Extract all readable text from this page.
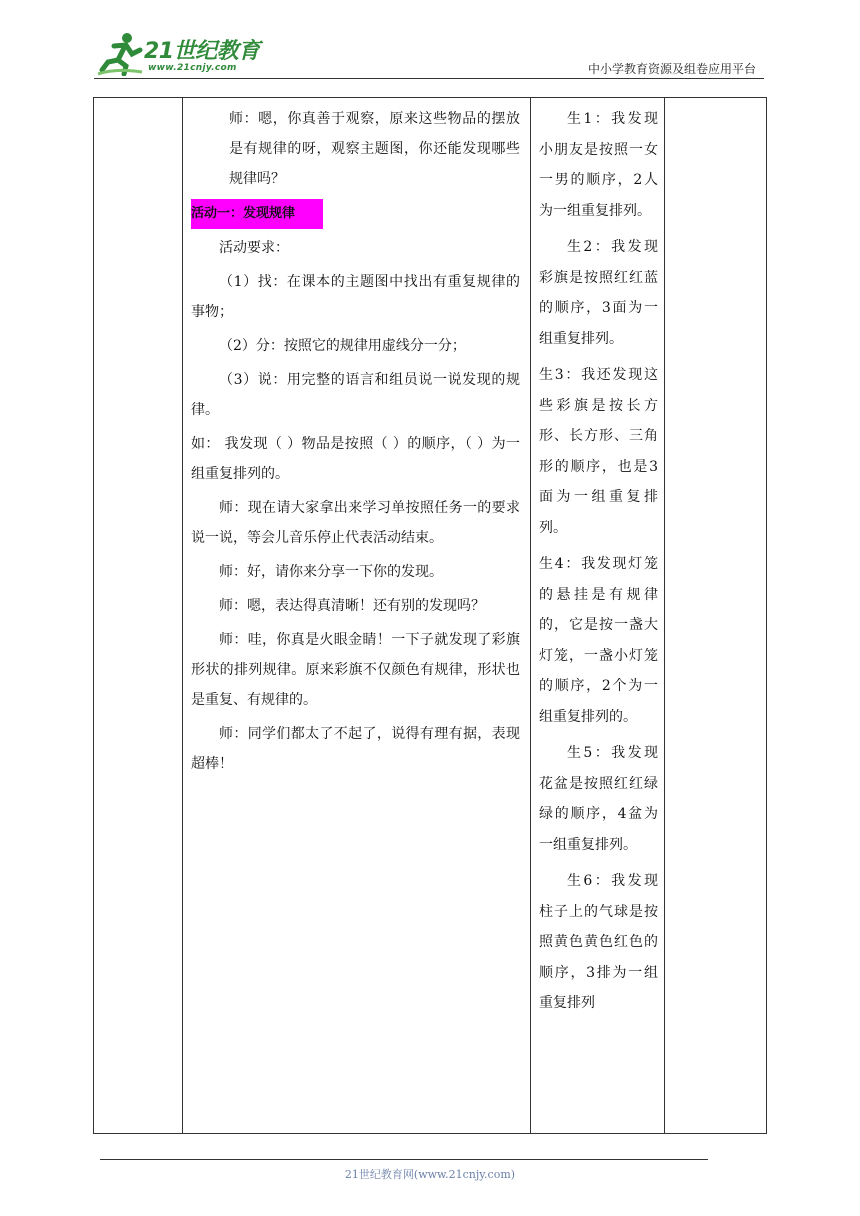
21世纪教育
www.21cnjy.com	中小学教育资源及组卷应用平台

师：嗯，你真善于观察，原来这些物品的摆放是有规律的呀，观察主题图，你还能发现哪些规律吗？

活动一：发现规律

活动要求：

（1）找：在课本的主题图中找出有重复规律的事物；

（2）分：按照它的规律用虚线分一分；

（3）说：用完整的语言和组员说一说发现的规律。

如： 我发现（ ）物品是按照（ ）的顺序，（ ）为一组重复排列的。

师：现在请大家拿出来学习单按照任务一的要求说一说，等会儿音乐停止代表活动结束。

师：好，请你来分享一下你的发现。

师：嗯，表达得真清晰！还有别的发现吗？

师：哇，你真是火眼金睛！一下子就发现了彩旗形状的排列规律。原来彩旗不仅颜色有规律，形状也是重复、有规律的。

师：同学们都太了不起了，说得有理有据，表现超棒！

生1：我发现小朋友是按照一女一男的顺序，2人为一组重复排列。

生2：我发现彩旗是按照红红蓝的顺序，3面为一组重复排列。

生3：我还发现这些彩旗是按长方形、长方形、三角形的顺序，也是3面为一组重复排列。

生4：我发现灯笼的悬挂是有规律的，它是按一盏大灯笼，一盏小灯笼的顺序，2个为一组重复排列的。

生5：我发现花盆是按照红红绿绿的顺序，4盆为一组重复排列。

生6：我发现柱子上的气球是按照黄色黄色红色的顺序，3排为一组重复排列

21世纪教育网(www.21cnjy.com)
